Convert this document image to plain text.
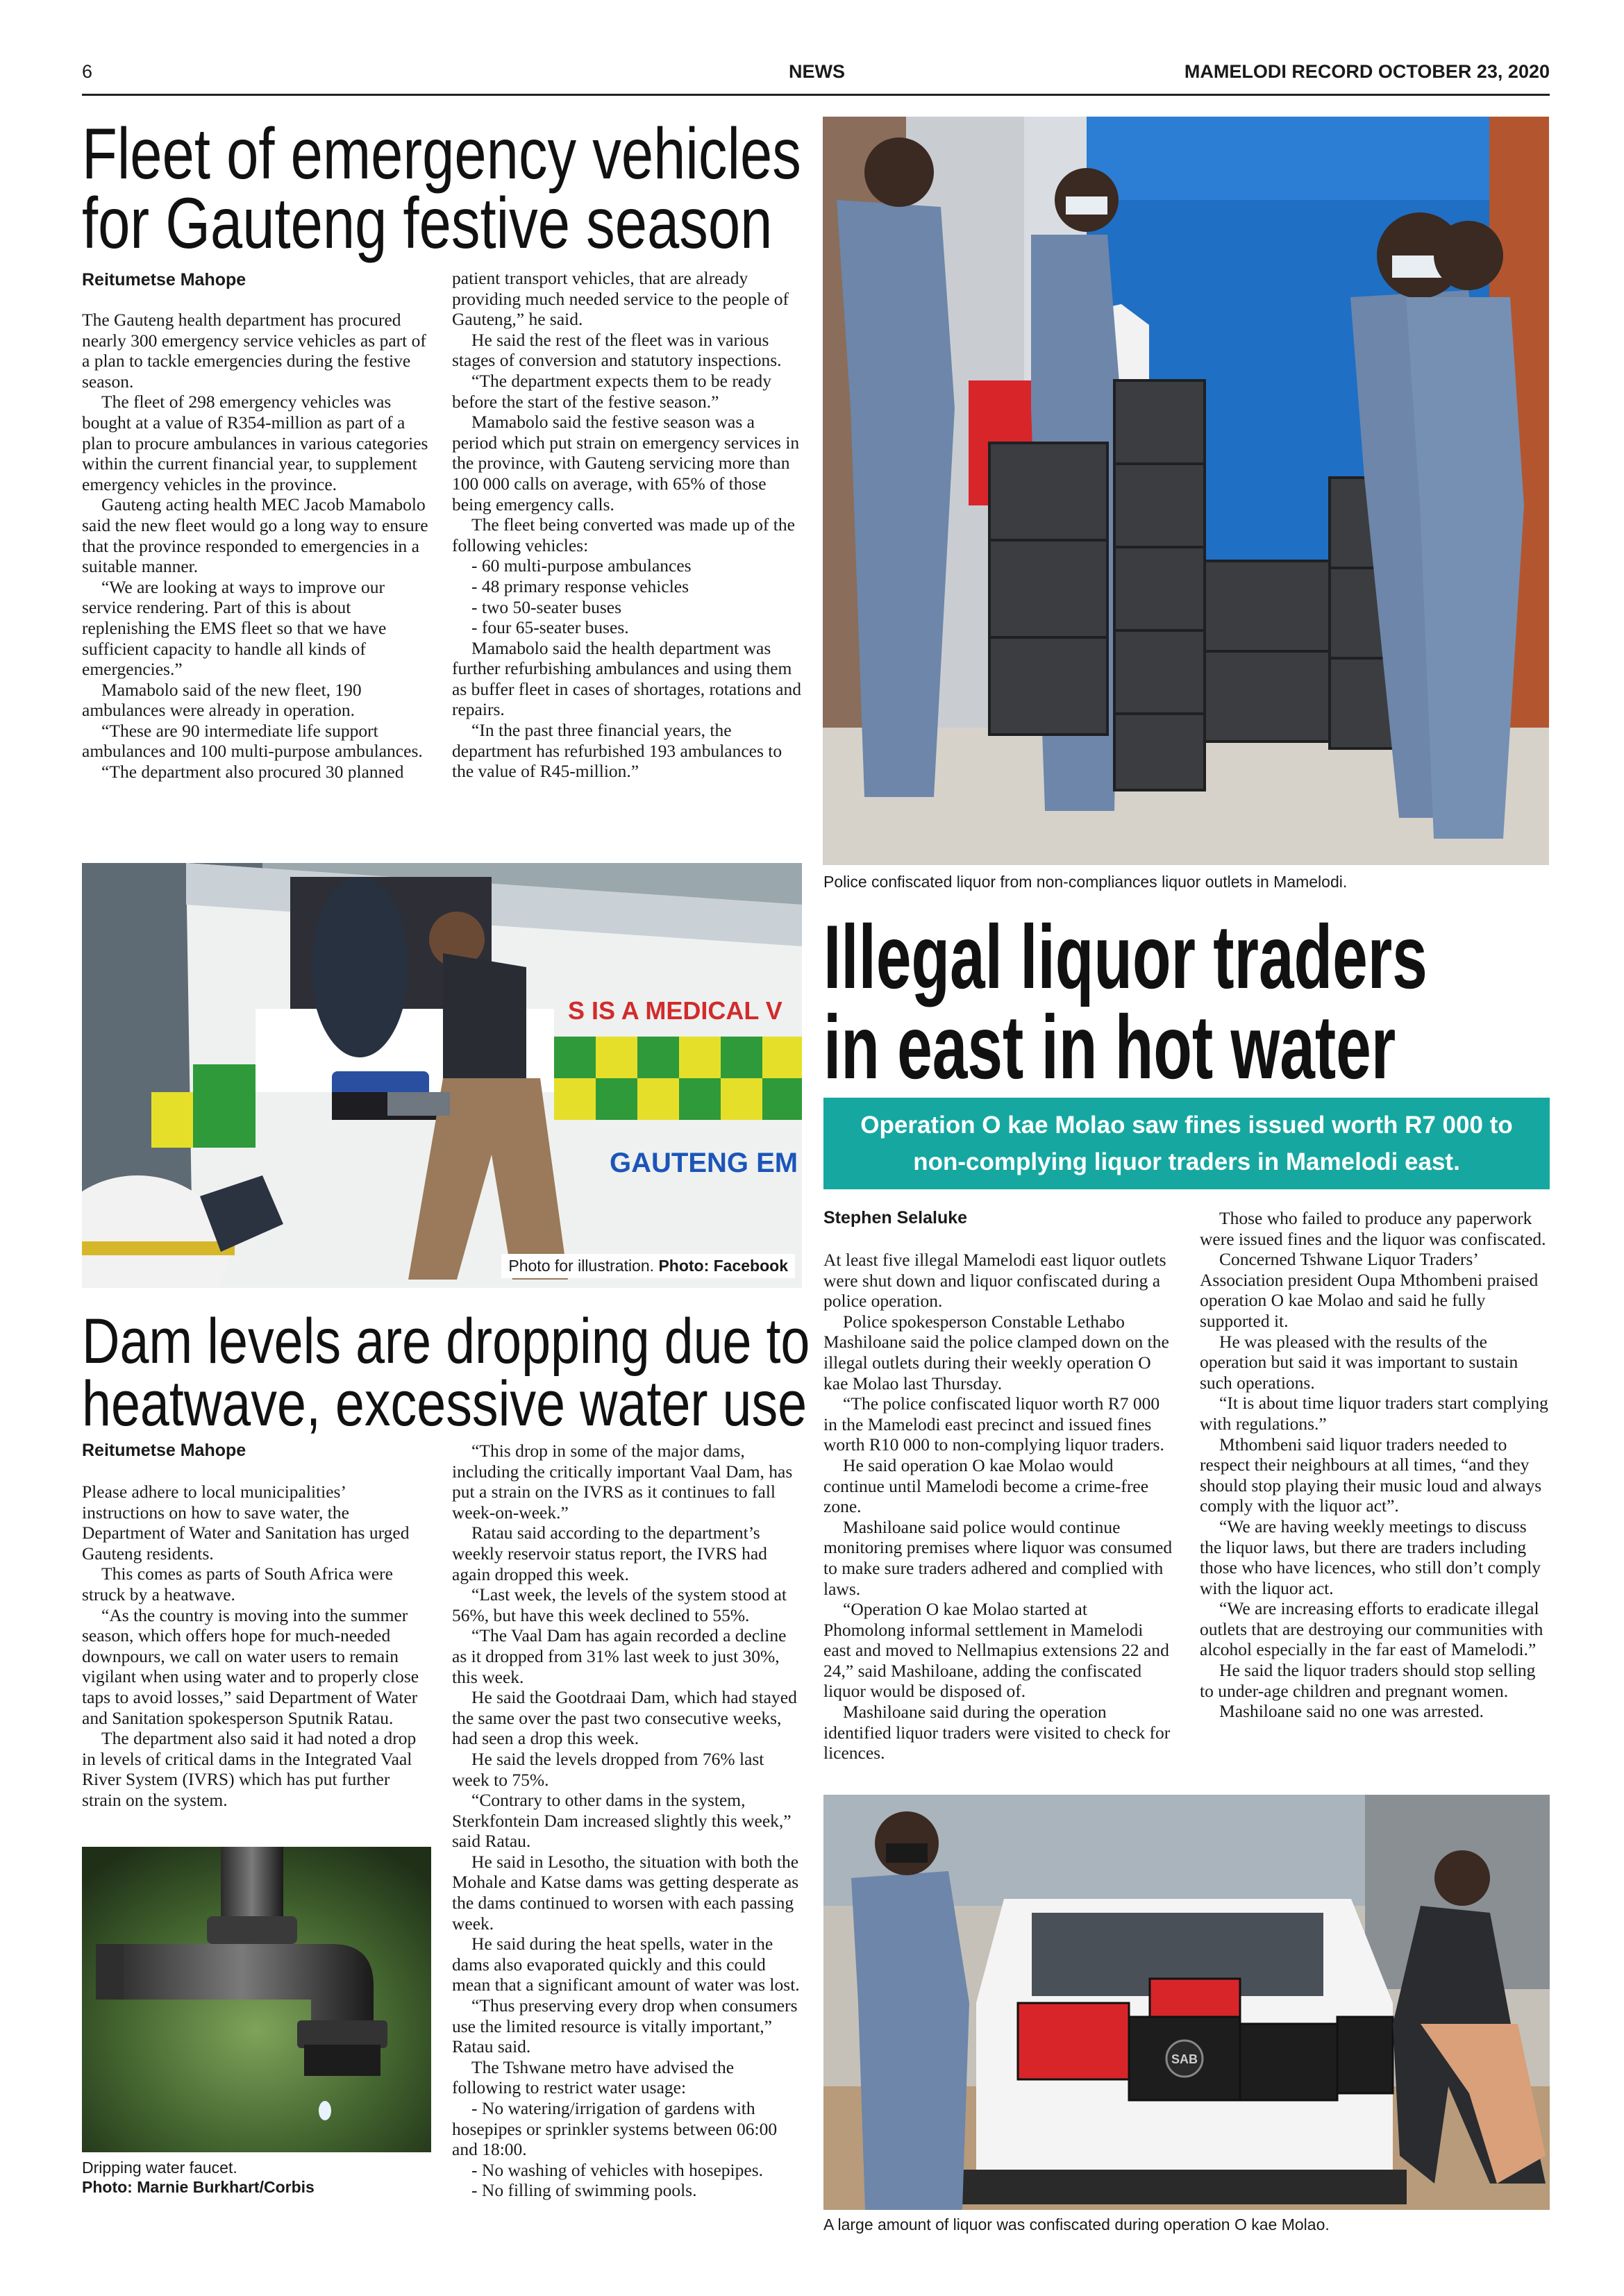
6	NEWS	MAMELODI RECORD OCTOBER 23, 2020
Fleet of emergency vehicles
for Gauteng festive season
Reitumetse Mahope

The Gauteng health department has procured nearly 300 emergency service vehicles as part of a plan to tackle emergencies during the festive season.

The fleet of 298 emergency vehicles was bought at a value of R354-million as part of a plan to procure ambulances in various categories within the current financial year, to supplement emergency vehicles in the province.

Gauteng acting health MEC Jacob Mamabolo said the new fleet would go a long way to ensure that the province responded to emergencies in a suitable manner.

“We are looking at ways to improve our service rendering. Part of this is about replenishing the EMS fleet so that we have sufficient capacity to handle all kinds of emergencies.”

Mamabolo said of the new fleet, 190 ambulances were already in operation.

“These are 90 intermediate life support ambulances and 100 multi-purpose ambulances.

“The department also procured 30 planned

patient transport vehicles, that are already providing much needed service to the people of Gauteng,” he said.

He said the rest of the fleet was in various stages of conversion and statutory inspections.

“The department expects them to be ready before the start of the festive season.”

Mamabolo said the festive season was a period which put strain on emergency services in the province, with Gauteng servicing more than 100 000 calls on average, with 65% of those being emergency calls.

The fleet being converted was made up of the following vehicles:

- 60 multi-purpose ambulances

- 48 primary response vehicles

- two 50-seater buses

- four 65-seater buses.

Mamabolo said the health department was further refurbishing ambulances and using them as buffer fleet in cases of shortages, rotations and repairs.

“In the past three financial years, the department has refurbished 193 ambulances to the value of R45-million.”

S IS A MEDICAL V
GAUTENG EM
Photo for illustration. Photo: Facebook
Dam levels are dropping due to
heatwave, excessive water use
Reitumetse Mahope

Please adhere to local municipalities’ instructions on how to save water, the Department of Water and Sanitation has urged Gauteng residents.

This comes as parts of South Africa were struck by a heatwave.

“As the country is moving into the summer season, which offers hope for much-needed downpours, we call on water users to remain vigilant when using water and to properly close taps to avoid losses,” said Department of Water and Sanitation spokesperson Sputnik Ratau.

The department also said it had noted a drop in levels of critical dams in the Integrated Vaal River System (IVRS) which has put further strain on the system.

“This drop in some of the major dams, including the critically important Vaal Dam, has put a strain on the IVRS as it continues to fall week-on-week.”

Ratau said according to the department’s weekly reservoir status report, the IVRS had again dropped this week.

“Last week, the levels of the system stood at 56%, but have this week declined to 55%.

“The Vaal Dam has again recorded a decline as it dropped from 31% last week to just 30%, this week.

He said the Gootdraai Dam, which had stayed the same over the past two consecutive weeks, had seen a drop this week.

He said the levels dropped from 76% last week to 75%.

“Contrary to other dams in the system, Sterkfontein Dam increased slightly this week,” said Ratau.

He said in Lesotho, the situation with both the Mohale and Katse dams was getting desperate as the dams continued to worsen with each passing week.

He said during the heat spells, water in the dams also evaporated quickly and this could mean that a significant amount of water was lost.

“Thus preserving every drop when consumers use the limited resource is vitally important,” Ratau said.

The Tshwane metro have advised the following to restrict water usage:

- No watering/irrigation of gardens with hosepipes or sprinkler systems between 06:00 and 18:00.

- No washing of vehicles with hosepipes.

- No filling of swimming pools.

Dripping water faucet.
Photo: Marnie Burkhart/Corbis
Police confiscated liquor from non-compliances liquor outlets in Mamelodi.
Illegal liquor traders
in east in hot water
Operation O kae Molao saw fines issued worth R7 000 to
non-complying liquor traders in Mamelodi east.
Stephen Selaluke

At least five illegal Mamelodi east liquor outlets were shut down and liquor confiscated during a police operation.

Police spokesperson Constable Lethabo Mashiloane said the police clamped down on the illegal outlets during their weekly operation O kae Molao last Thursday.

“The police confiscated liquor worth R7 000 in the Mamelodi east precinct and issued fines worth R10 000 to non-complying liquor traders.

He said operation O kae Molao would continue until Mamelodi become a crime-free zone.

Mashiloane said police would continue monitoring premises where liquor was consumed to make sure traders adhered and complied with laws.

“Operation O kae Molao started at Phomolong informal settlement in Mamelodi east and moved to Nellmapius extensions 22 and 24,” said Mashiloane, adding the confiscated liquor would be disposed of.

Mashiloane said during the operation identified liquor traders were visited to check for licences.

Those who failed to produce any paperwork were issued fines and the liquor was confiscated.

Concerned Tshwane Liquor Traders’ Association president Oupa Mthombeni praised operation O kae Molao and said he fully supported it.

He was pleased with the results of the operation but said it was important to sustain such operations.

“It is about time liquor traders start complying with regulations.”

Mthombeni said liquor traders needed to respect their neighbours at all times, “and they should stop playing their music loud and always comply with the liquor act”.

“We are having weekly meetings to discuss the liquor laws, but there are traders including those who have licences, who still don’t comply with the liquor act.

“We are increasing efforts to eradicate illegal outlets that are destroying our communities with alcohol especially in the far east of Mamelodi.”

He said the liquor traders should stop selling to under-age children and pregnant women.

Mashiloane said no one was arrested.

SAB
A large amount of liquor was confiscated during operation O kae Molao.
